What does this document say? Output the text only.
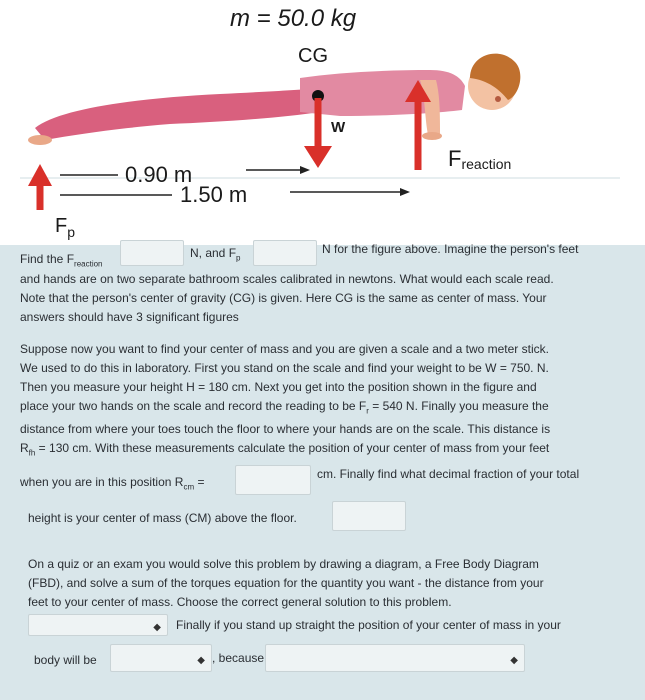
m = 50.0 kg
CG
W
Freaction
0.90 m
1.50 m
$F_p$
Find the $F_{reaction}$
N, and $F_p$
N for the figure above. Imagine the person's feet
and hands are on two separate bathroom scales calibrated in newtons. What would each scale read.
Note that the person's center of gravity (CG) is given. Here CG is the same as center of mass. Your
answers should have 3 significant figures
Suppose now you want to find your center of mass and you are given a scale and a two meter stick.
We used to do this in laboratory. First you stand on the scale and find your weight to be W = 750. N.
Then you measure your height H = 180 cm. Next you get into the position shown in the figure and
place your two hands on the scale and record the reading to be $F_r = 540$ N. Finally you measure the
distance from where your toes touch the floor to where your hands are on the scale. This distance is
$R_{fh} = 130$ cm. With these measurements calculate the position of your center of mass from your feet
when you are in this position $R_{cm}$ =
cm. Finally find what decimal fraction of your total
height is your center of mass (CM) above the floor.
On a quiz or an exam you would solve this problem by drawing a diagram, a Free Body Diagram
(FBD), and solve a sum of the torques equation for the quantity you want - the distance from your
feet to your center of mass. Choose the correct general solution to this problem.
◆ Finally if you stand up straight the position of your center of mass in your
body will be	◆ , because	◆
